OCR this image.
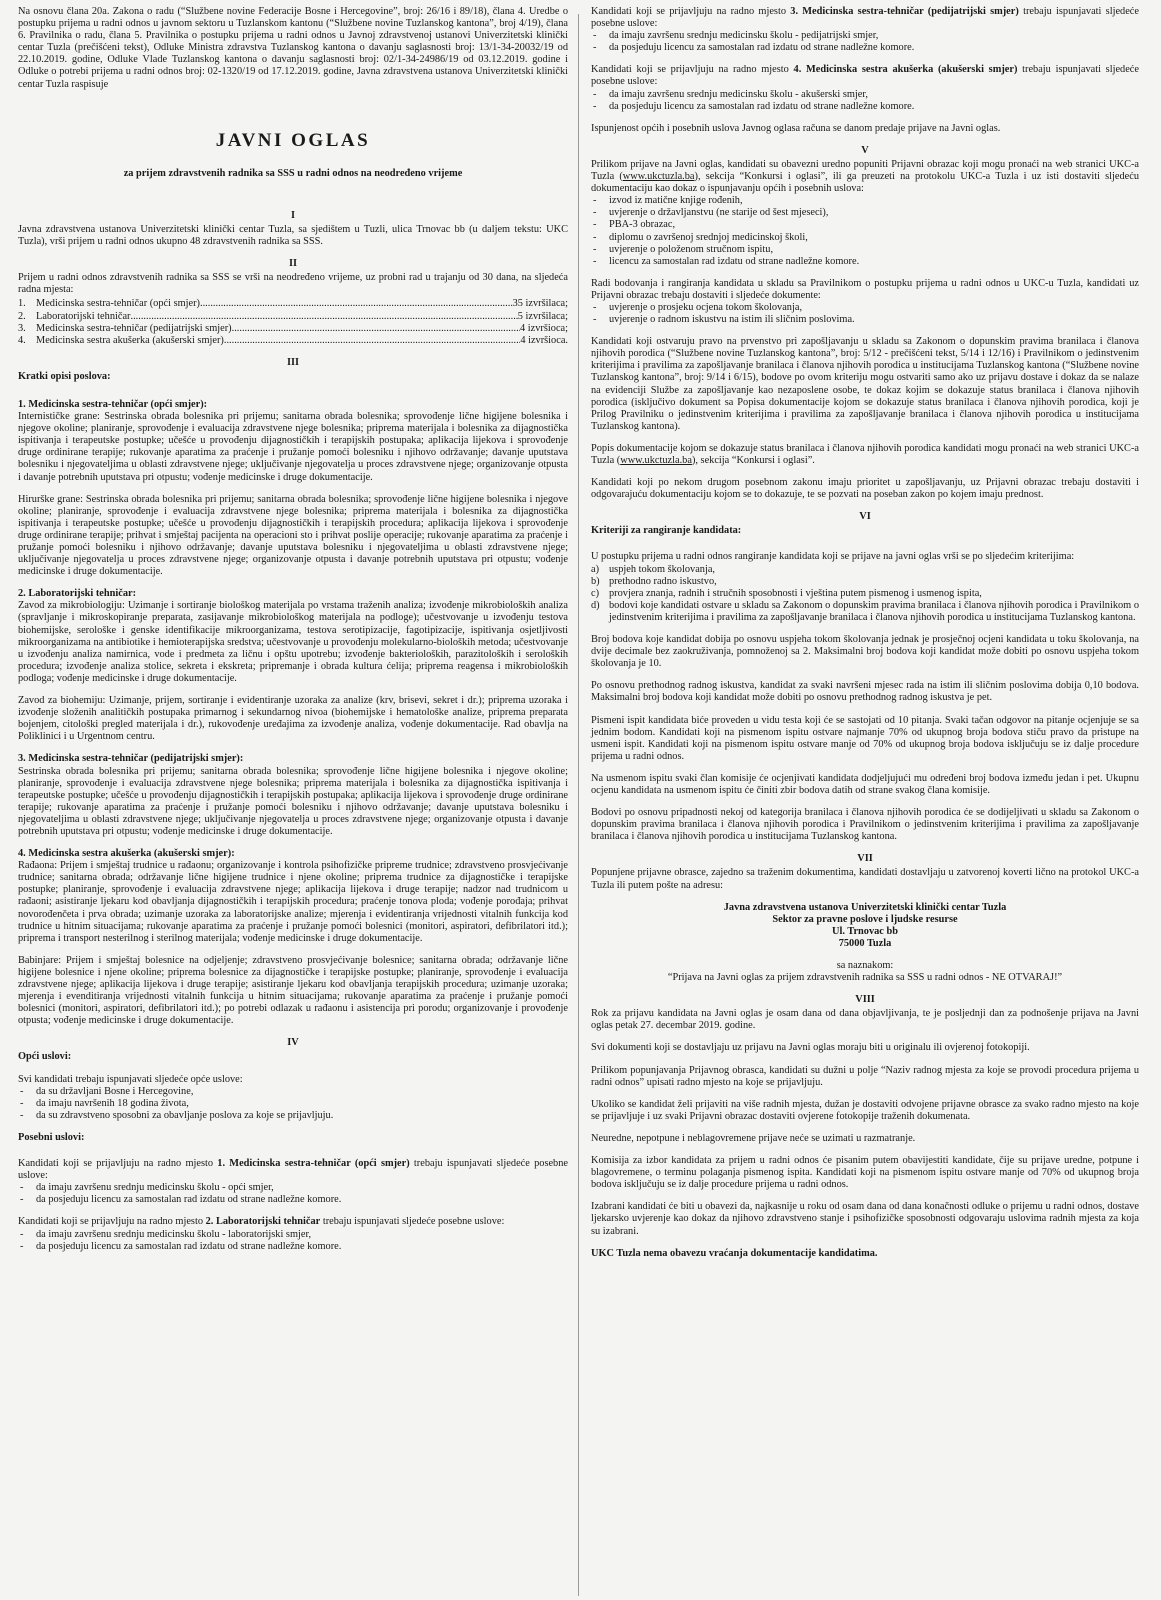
Na osnovu člana 20a. Zakona o radu (“Službene novine Federacije Bosne i Hercegovine”, broj: 26/16 i 89/18), člana 4. Uredbe o postupku prijema u radni odnos u javnom sektoru u Tuzlanskom kantonu (“Službene novine Tuzlanskog kantona”, broj 4/19), člana 6. Pravilnika o radu, člana 5. Pravilnika o postupku prijema u radni odnos u Javnoj zdravstvenoj ustanovi Univerzitetski klinički centar Tuzla (prečišćeni tekst), Odluke Ministra zdravstva Tuzlanskog kantona o davanju saglasnosti broj: 13/1-34-20032/19 od 22.10.2019. godine, Odluke Vlade Tuzlanskog kantona o davanju saglasnosti broj: 02/1-34-24986/19 od 03.12.2019. godine i Odluke o potrebi prijema u radni odnos broj: 02-1320/19 od 17.12.2019. godine, Javna zdravstvena ustanova Univerzitetski klinički centar Tuzla raspisuje

JAVNI OGLAS
za prijem zdravstvenih radnika sa SSS u radni odnos na neodređeno vrijeme
I

Javna zdravstvena ustanova Univerzitetski klinički centar Tuzla, sa sjedištem u Tuzli, ulica Trnovac bb (u daljem tekstu: UKC Tuzla), vrši prijem u radni odnos ukupno 48 zdravstvenih radnika sa SSS.

II

Prijem u radni odnos zdravstvenih radnika sa SSS se vrši na neodređeno vrijeme, uz probni rad u trajanju od 30 dana, na sljedeća radna mjesta:

1. Medicinska sestra-tehničar (opći smjer) .....	35 izvršilaca;
2. Laboratorijski tehničar .....	5 izvršilaca;
3. Medicinska sestra-tehničar (pedijatrijski smjer) .....	4 izvršioca;
4. Medicinska sestra akušerka (akušerski smjer) .....	4 izvršioca.
III

Kratki opisi poslova:

1. Medicinska sestra-tehničar (opći smjer):

Internističke grane: Sestrinska obrada bolesnika pri prijemu; sanitarna obrada bolesnika; sprovođenje lične higijene bolesnika i njegove okoline; planiranje, sprovođenje i evaluacija zdravstvene njege bolesnika; priprema materijala i bolesnika za dijagnostička ispitivanja i terapeutske postupke; učešće u provođenju dijagnostičkih i terapijskih postupaka; aplikacija lijekova i sprovođenje druge ordinirane terapije; rukovanje aparatima za praćenje i pružanje pomoći bolesniku i njihovo održavanje; davanje uputstava bolesniku i njegovateljima u oblasti zdravstvene njege; uključivanje njegovatelja u proces zdravstvene njege; organizovanje otpusta i davanje potrebnih uputstava pri otpustu; vođenje medicinske i druge dokumentacije.

Hirurške grane: Sestrinska obrada bolesnika pri prijemu; sanitarna obrada bolesnika; sprovođenje lične higijene bolesnika i njegove okoline; planiranje, sprovođenje i evaluacija zdravstvene njege bolesnika; priprema materijala i bolesnika za dijagnostička ispitivanja i terapeutske postupke; učešće u provođenju dijagnostičkih i terapijskih procedura; aplikacija lijekova i sprovođenje druge ordinirane terapije; prihvat i smještaj pacijenta na operacioni sto i prihvat poslije operacije; rukovanje aparatima za praćenje i pružanje pomoći bolesniku i njihovo održavanje; davanje uputstava bolesniku i njegovateljima u oblasti zdravstvene njege; uključivanje njegovatelja u proces zdravstvene njege; organizovanje otpusta i davanje potrebnih uputstava pri otpustu; vođenje medicinske i druge dokumentacije.

2. Laboratorijski tehničar:

Zavod za mikrobiologiju: Uzimanje i sortiranje biološkog materijala po vrstama traženih analiza; izvođenje mikrobioloških analiza (spravljanje i mikroskopiranje preparata, zasijavanje mikrobiološkog materijala na podloge); učestvovanje u izvođenju testova biohemijske, serološke i genske identifikacije mikroorganizama, testova serotipizacije, fagotipizacije, ispitivanja osjetljivosti mikroorganizama na antibiotike i hemioterapijska sredstva; učestvovanje u provođenju molekularno-bioloških metoda; učestvovanje u izvođenju analiza namirnica, vode i predmeta za ličnu i opštu upotrebu; izvođenje bakterioloških, parazitoloških i seroloških procedura; izvođenje analiza stolice, sekreta i ekskreta; pripremanje i obrada kultura ćelija; priprema reagensa i mikrobioloških podloga; vođenje medicinske i druge dokumentacije.

Zavod za biohemiju: Uzimanje, prijem, sortiranje i evidentiranje uzoraka za analize (krv, brisevi, sekret i dr.); priprema uzoraka i izvođenje složenih analitičkih postupaka primarnog i sekundarnog nivoa (biohemijske i hematološke analize, priprema preparata bojenjem, citološki pregled materijala i dr.), rukovođenje uređajima za izvođenje analiza, vođenje dokumentacije. Rad obavlja na Poliklinici i u Urgentnom centru.

3. Medicinska sestra-tehničar (pedijatrijski smjer):

Sestrinska obrada bolesnika pri prijemu; sanitarna obrada bolesnika; sprovođenje lične higijene bolesnika i njegove okoline; planiranje, sprovođenje i evaluacija zdravstvene njege bolesnika; priprema materijala i bolesnika za dijagnostička ispitivanja i terapeutske postupke; učešće u provođenju dijagnostičkih i terapijskih postupaka; aplikacija lijekova i sprovođenje druge ordinirane terapije; rukovanje aparatima za praćenje i pružanje pomoći bolesniku i njihovo održavanje; davanje uputstava bolesniku i njegovateljima u oblasti zdravstvene njege; uključivanje njegovatelja u proces zdravstvene njege; organizovanje otpusta i davanje potrebnih uputstava pri otpustu; vođenje medicinske i druge dokumentacije.

4. Medicinska sestra akušerka (akušerski smjer):

Rađaona: Prijem i smještaj trudnice u rađaonu; organizovanje i kontrola psihofizičke pripreme trudnice; zdravstveno prosvjećivanje trudnice; sanitarna obrada; održavanje lične higijene trudnice i njene okoline; priprema trudnice za dijagnostičke i terapijske postupke; planiranje, sprovođenje i evaluacija zdravstvene njege; aplikacija lijekova i druge terapije; nadzor nad trudnicom u rađaoni; asistiranje ljekaru kod obavljanja dijagnostičkih i terapijskih procedura; praćenje tonova ploda; vođenje porođaja; prihvat novorođenčeta i prva obrada; uzimanje uzoraka za laboratorijske analize; mjerenja i evidentiranja vrijednosti vitalnih funkcija kod trudnice u hitnim situacijama; rukovanje aparatima za praćenje i pružanje pomoći bolesnici (monitori, aspiratori, defibrilatori itd.); priprema i transport nesterilnog i sterilnog materijala; vođenje medicinske i druge dokumentacije.

Babinjare: Prijem i smještaj bolesnice na odjeljenje; zdravstveno prosvjećivanje bolesnice; sanitarna obrada; održavanje lične higijene bolesnice i njene okoline; priprema bolesnice za dijagnostičke i terapijske postupke; planiranje, sprovođenje i evaluacija zdravstvene njege; aplikacija lijekova i druge terapije; asistiranje ljekaru kod obavljanja terapijskih procedura; uzimanje uzoraka; mjerenja i evenditiranja vrijednosti vitalnih funkcija u hitnim situacijama; rukovanje aparatima za praćenje i pružanje pomoći bolesnici (monitori, aspiratori, defibrilatori itd.); po potrebi odlazak u rađaonu i asistencija pri porodu; organizovanje i provođenje otpusta; vođenje medicinske i druge dokumentacije.

IV

Opći uslovi:

Svi kandidati trebaju ispunjavati sljedeće opće uslove:

- da su državljani Bosne i Hercegovine,
- da imaju navršenih 18 godina života,
- da su zdravstveno sposobni za obavljanje poslova za koje se prijavljuju.

Posebni uslovi:

Kandidati koji se prijavljuju na radno mjesto 1. Medicinska sestra-tehničar (opći smjer) trebaju ispunjavati sljedeće posebne uslove:

- da imaju završenu srednju medicinsku školu - opći smjer,
- da posjeduju licencu za samostalan rad izdatu od strane nadležne komore.

Kandidati koji se prijavljuju na radno mjesto 2. Laboratorijski tehničar trebaju ispunjavati sljedeće posebne uslove:

- da imaju završenu srednju medicinsku školu - laboratorijski smjer,
- da posjeduju licencu za samostalan rad izdatu od strane nadležne komore.

Kandidati koji se prijavljuju na radno mjesto 3. Medicinska sestra-tehničar (pedijatrijski smjer) trebaju ispunjavati sljedeće posebne uslove:

- da imaju završenu srednju medicinsku školu - pedijatrijski smjer,
- da posjeduju licencu za samostalan rad izdatu od strane nadležne komore.

Kandidati koji se prijavljuju na radno mjesto 4. Medicinska sestra akušerka (akušerski smjer) trebaju ispunjavati sljedeće posebne uslove:

- da imaju završenu srednju medicinsku školu - akušerski smjer,
- da posjeduju licencu za samostalan rad izdatu od strane nadležne komore.

Ispunjenost općih i posebnih uslova Javnog oglasa računa se danom predaje prijave na Javni oglas.

V

Prilikom prijave na Javni oglas, kandidati su obavezni uredno popuniti Prijavni obrazac koji mogu pronaći na web stranici UKC-a Tuzla (www.ukctuzla.ba), sekcija “Konkursi i oglasi”, ili ga preuzeti na protokolu UKC-a Tuzla i uz isti dostaviti sljedeću dokumentaciju kao dokaz o ispunjavanju općih i posebnih uslova:

- izvod iz matične knjige rođenih,
- uvjerenje o državljanstvu (ne starije od šest mjeseci),
- PBA-3 obrazac,
- diplomu o završenoj srednjoj medicinskoj školi,
- uvjerenje o položenom stručnom ispitu,
- licencu za samostalan rad izdatu od strane nadležne komore.

Radi bodovanja i rangiranja kandidata u skladu sa Pravilnikom o postupku prijema u radni odnos u UKC-u Tuzla, kandidati uz Prijavni obrazac trebaju dostaviti i sljedeće dokumente:

- uvjerenje o prosjeku ocjena tokom školovanja,
- uvjerenje o radnom iskustvu na istim ili sličnim poslovima.

Kandidati koji ostvaruju pravo na prvenstvo pri zapošljavanju u skladu sa Zakonom o dopunskim pravima branilaca i članova njihovih porodica (“Službene novine Tuzlanskog kantona”, broj: 5/12 - prečišćeni tekst, 5/14 i 12/16) i Pravilnikom o jedinstvenim kriterijima i pravilima za zapošljavanje branilaca i članova njihovih porodica u institucijama Tuzlanskog kantona (“Službene novine Tuzlanskog kantona”, broj: 9/14 i 6/15), bodove po ovom kriteriju mogu ostvariti samo ako uz prijavu dostave i dokaz da se nalaze na evidenciji Službe za zapošljavanje kao nezaposlene osobe, te dokaz kojim se dokazuje status branilaca i članova njihovih porodica (isključivo dokument sa Popisa dokumentacije kojom se dokazuje status branilaca i članova njihovih porodica, koji je Prilog Pravilniku o jedinstvenim kriterijima i pravilima za zapošljavanje branilaca i članova njihovih porodica u institucijama Tuzlanskog kantona).

Popis dokumentacije kojom se dokazuje status branilaca i članova njihovih porodica kandidati mogu pronaći na web stranici UKC-a Tuzla (www.ukctuzla.ba), sekcija “Konkursi i oglasi”.

Kandidati koji po nekom drugom posebnom zakonu imaju prioritet u zapošljavanju, uz Prijavni obrazac trebaju dostaviti i odgovarajuću dokumentaciju kojom se to dokazuje, te se pozvati na poseban zakon po kojem imaju prednost.

VI

Kriteriji za rangiranje kandidata:

U postupku prijema u radni odnos rangiranje kandidata koji se prijave na javni oglas vrši se po sljedećim kriterijima:

a) uspjeh tokom školovanja,
b) prethodno radno iskustvo,
c) provjera znanja, radnih i stručnih sposobnosti i vještina putem pismenog i usmenog ispita,
d) bodovi koje kandidati ostvare u skladu sa Zakonom o dopunskim pravima branilaca i članova njihovih porodica i Pravilnikom o jedinstvenim kriterijima i pravilima za zapošljavanje branilaca i članova njihovih porodica u institucijama Tuzlanskog kantona.

Broj bodova koje kandidat dobija po osnovu uspjeha tokom školovanja jednak je prosječnoj ocjeni kandidata u toku školovanja, na dvije decimale bez zaokruživanja, pomnoženoj sa 2. Maksimalni broj bodova koji kandidat može dobiti po osnovu uspjeha tokom školovanja je 10.

Po osnovu prethodnog radnog iskustva, kandidat za svaki navršeni mjesec rada na istim ili sličnim poslovima dobija 0,10 bodova. Maksimalni broj bodova koji kandidat može dobiti po osnovu prethodnog radnog iskustva je pet.

Pismeni ispit kandidata biće proveden u vidu testa koji će se sastojati od 10 pitanja. Svaki tačan odgovor na pitanje ocjenjuje se sa jednim bodom. Kandidati koji na pismenom ispitu ostvare najmanje 70% od ukupnog broja bodova stiču pravo da pristupe na usmeni ispit. Kandidati koji na pismenom ispitu ostvare manje od 70% od ukupnog broja bodova isključuju se iz dalje procedure prijema u radni odnos.

Na usmenom ispitu svaki član komisije će ocjenjivati kandidata dodjeljujući mu određeni broj bodova između jedan i pet. Ukupnu ocjenu kandidata na usmenom ispitu će činiti zbir bodova datih od strane svakog člana komisije.

Bodovi po osnovu pripadnosti nekoj od kategorija branilaca i članova njihovih porodica će se dodijeljivati u skladu sa Zakonom o dopunskim pravima branilaca i članova njihovih porodica i Pravilnikom o jedinstvenim kriterijima i pravilima za zapošljavanje branilaca i članova njihovih porodica u institucijama Tuzlanskog kantona.

VII

Popunjene prijavne obrasce, zajedno sa traženim dokumentima, kandidati dostavljaju u zatvorenoj koverti lično na protokol UKC-a Tuzla ili putem pošte na adresu:

Javna zdravstvena ustanova Univerzitetski klinički centar Tuzla

Sektor za pravne poslove i ljudske resurse

Ul. Trnovac bb

75000 Tuzla

sa naznakom:

“Prijava na Javni oglas za prijem zdravstvenih radnika sa SSS u radni odnos - NE OTVARAJ!”

VIII

Rok za prijavu kandidata na Javni oglas je osam dana od dana objavljivanja, te je posljednji dan za podnošenje prijava na Javni oglas petak 27. decembar 2019. godine.

Svi dokumenti koji se dostavljaju uz prijavu na Javni oglas moraju biti u originalu ili ovjerenoj fotokopiji.

Prilikom popunjavanja Prijavnog obrasca, kandidati su dužni u polje “Naziv radnog mjesta za koje se provodi procedura prijema u radni odnos” upisati radno mjesto na koje se prijavljuju.

Ukoliko se kandidat želi prijaviti na više radnih mjesta, dužan je dostaviti odvojene prijavne obrasce za svako radno mjesto na koje se prijavljuje i uz svaki Prijavni obrazac dostaviti ovjerene fotokopije traženih dokumenata.

Neuredne, nepotpune i neblagovremene prijave neće se uzimati u razmatranje.

Komisija za izbor kandidata za prijem u radni odnos će pisanim putem obavijestiti kandidate, čije su prijave uredne, potpune i blagovremene, o terminu polaganja pismenog ispita. Kandidati koji na pismenom ispitu ostvare manje od 70% od ukupnog broja bodova isključuju se iz dalje procedure prijema u radni odnos.

Izabrani kandidati će biti u obavezi da, najkasnije u roku od osam dana od dana konačnosti odluke o prijemu u radni odnos, dostave ljekarsko uvjerenje kao dokaz da njihovo zdravstveno stanje i psihofizičke sposobnosti odgovaraju uslovima radnih mjesta za koja su izabrani.

UKC Tuzla nema obavezu vraćanja dokumentacije kandidatima.
